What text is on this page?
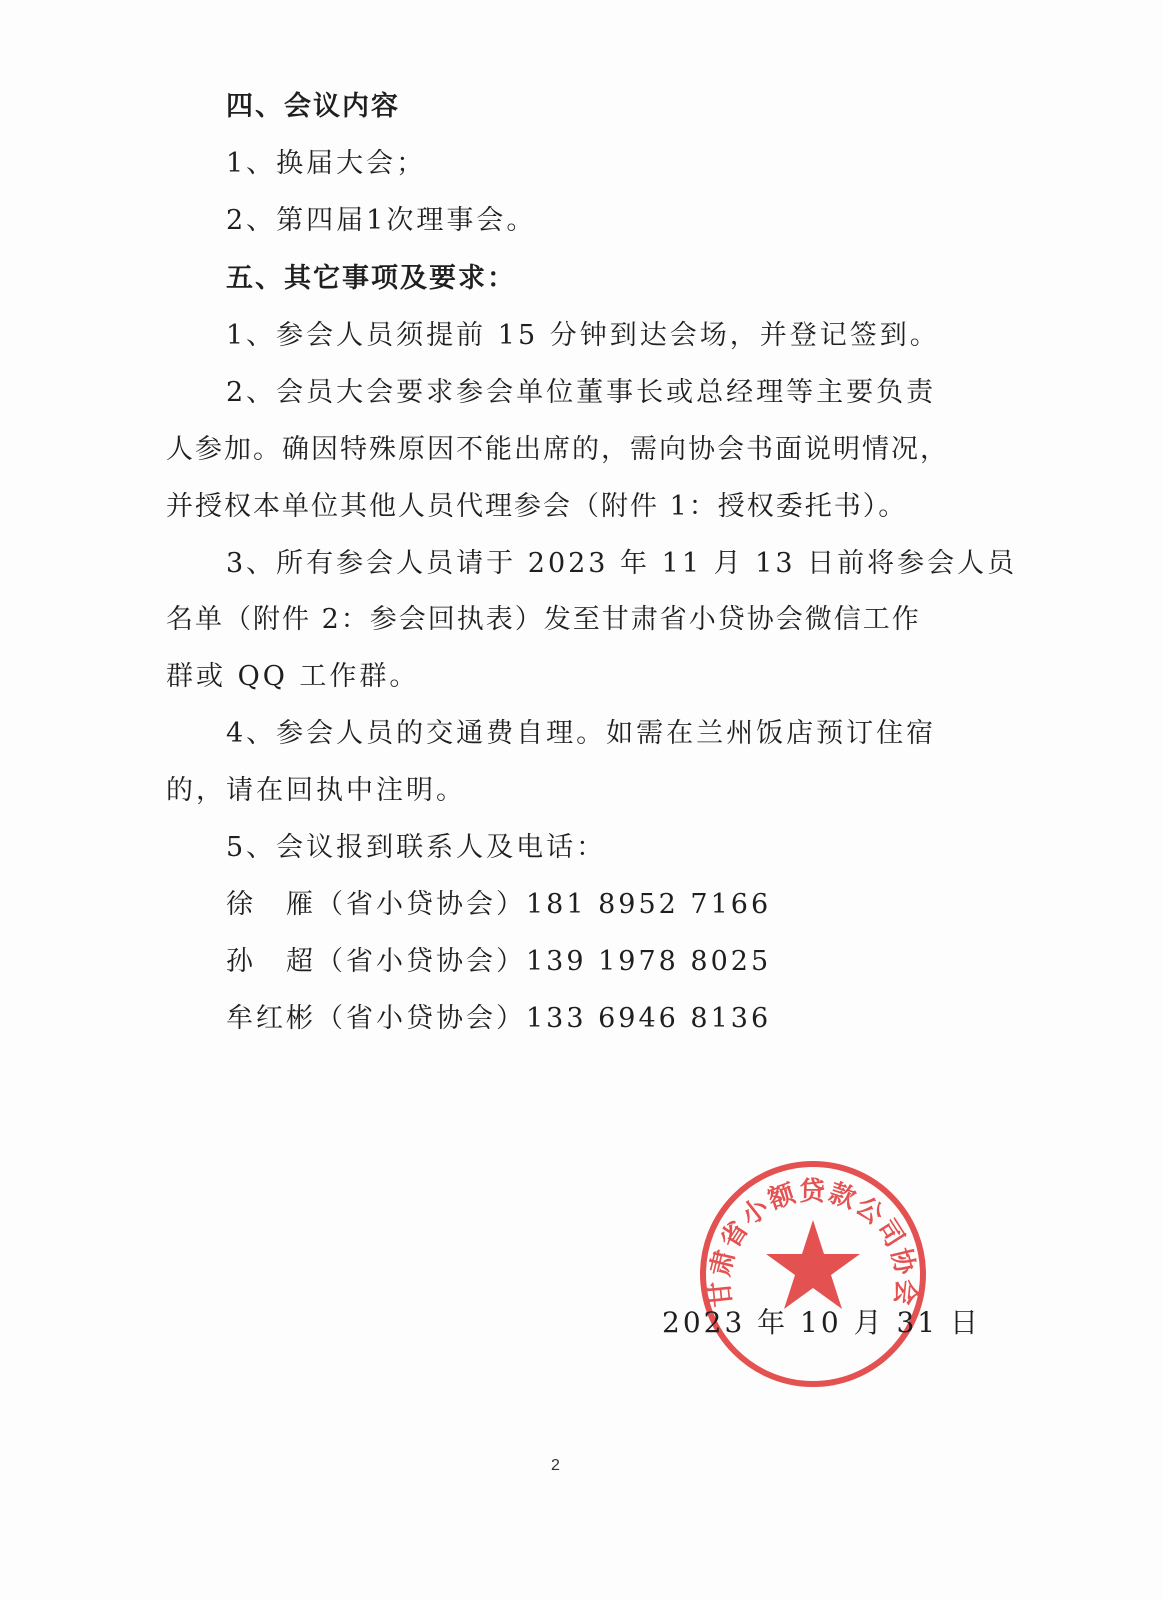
四、会议内容
1、换届大会；
2、第四届1次理事会。
五、其它事项及要求：
1、参会人员须提前 15 分钟到达会场，并登记签到。
2、会员大会要求参会单位董事长或总经理等主要负责
人参加。确因特殊原因不能出席的，需向协会书面说明情况，
并授权本单位其他人员代理参会（附件 1：授权委托书）。
3、所有参会人员请于 2023 年 11 月 13 日前将参会人员
名单（附件 2：参会回执表）发至甘肃省小贷协会微信工作
群或 QQ 工作群。
4、参会人员的交通费自理。如需在兰州饭店预订住宿
的，请在回执中注明。
5、会议报到联系人及电话：
徐　雁（省小贷协会）181 8952 7166
孙　超（省小贷协会）139 1978 8025
牟红彬（省小贷协会）133 6946 8136
甘肃省小额贷款公司协会
2023 年 10 月 31 日
2
